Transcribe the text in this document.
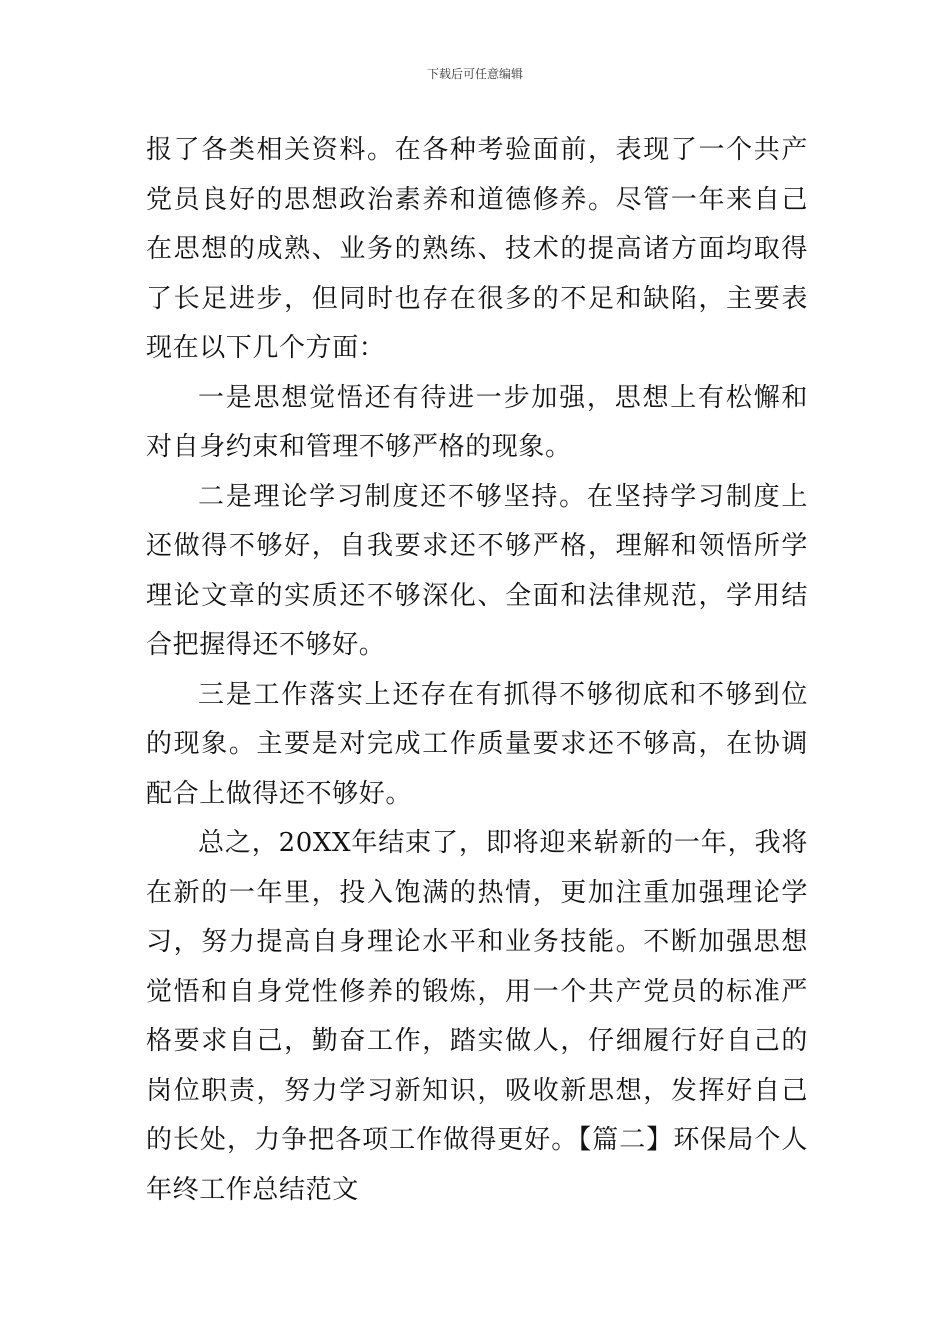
下载后可任意编辑

报了各类相关资料。在各种考验面前，表现了一个共产党员良好的思想政治素养和道德修养。尽管一年来自己在思想的成熟、业务的熟练、技术的提高诸方面均取得了长足进步，但同时也存在很多的不足和缺陷，主要表现在以下几个方面：

一是思想觉悟还有待进一步加强，思想上有松懈和对自身约束和管理不够严格的现象。

二是理论学习制度还不够坚持。在坚持学习制度上还做得不够好，自我要求还不够严格，理解和领悟所学理论文章的实质还不够深化、全面和法律规范，学用结合把握得还不够好。

三是工作落实上还存在有抓得不够彻底和不够到位的现象。主要是对完成工作质量要求还不够高，在协调配合上做得还不够好。

总之，20XX年结束了，即将迎来崭新的一年，我将在新的一年里，投入饱满的热情，更加注重加强理论学习，努力提高自身理论水平和业务技能。不断加强思想觉悟和自身党性修养的锻炼，用一个共产党员的标准严格要求自己，勤奋工作，踏实做人，仔细履行好自己的岗位职责，努力学习新知识，吸收新思想，发挥好自己的长处，力争把各项工作做得更好。【篇二】环保局个人年终工作总结范文
